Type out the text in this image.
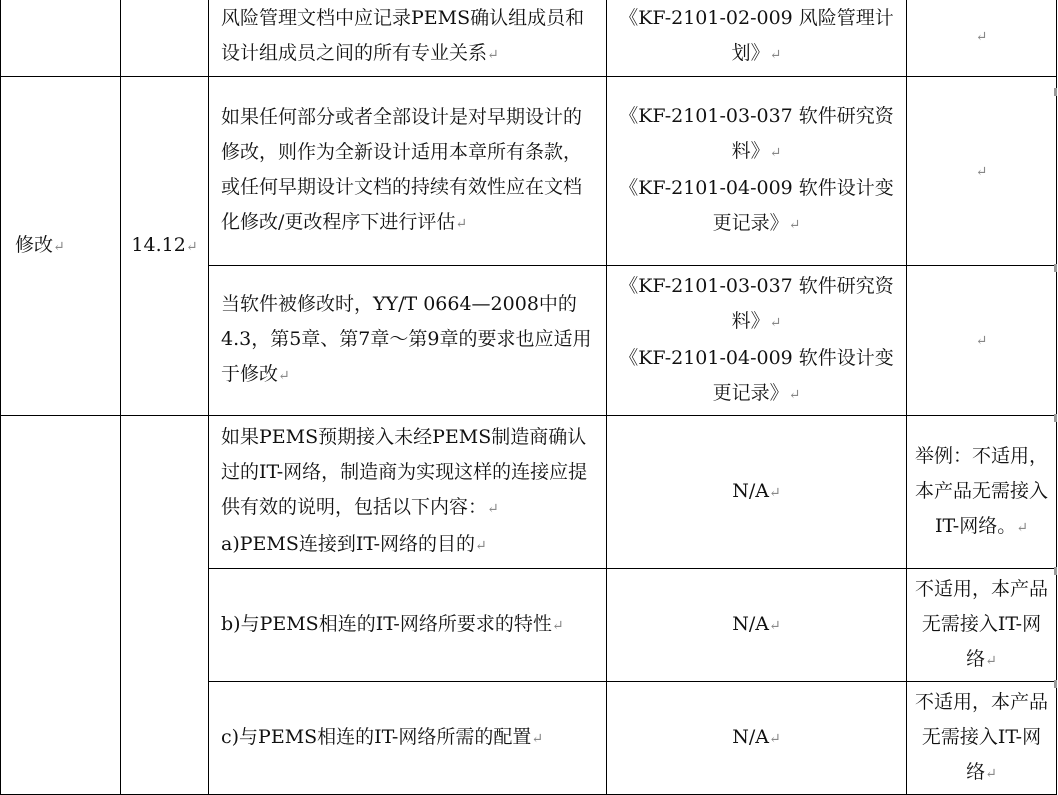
		风险管理文档中应记录PEMS确认组成员和设计组成员之间的所有专业关系↵	《KF-2101-02-009 风险管理计划》↵	↵
修改↵	14.12↵	如果任何部分或者全部设计是对早期设计的修改，则作为全新设计适用本章所有条款，或任何早期设计文档的持续有效性应在文档化修改/更改程序下进行评估↵	《KF-2101-03-037 软件研究资料》↵
《KF-2101-04-009 软件设计变更记录》↵	↵
		当软件被修改时，YY/T 0664—2008中的4.3，第5章、第7章～第9章的要求也应适用于修改↵	《KF-2101-03-037 软件研究资料》↵
《KF-2101-04-009 软件设计变更记录》↵	↵

		如果PEMS预期接入未经PEMS制造商确认过的IT-网络，制造商为实现这样的连接应提供有效的说明，包括以下内容：↵
a)PEMS连接到IT-网络的目的↵	N/A↵	举例：不适用，本产品无需接入IT-网络。↵
		b)与PEMS相连的IT-网络所要求的特性↵	N/A↵	不适用，本产品无需接入IT-网络↵
		c)与PEMS相连的IT-网络所需的配置↵	N/A↵	不适用，本产品无需接入IT-网络↵
